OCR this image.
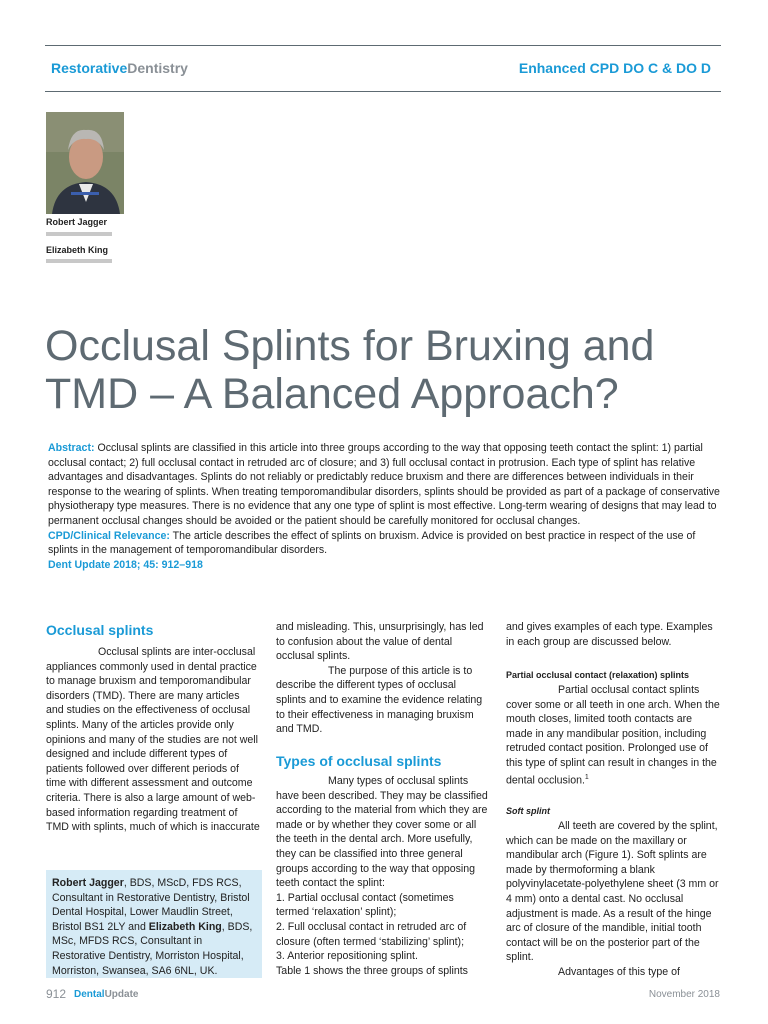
RestorativeDentistry	Enhanced CPD DO C & DO D
Robert Jagger
Elizabeth King
Occlusal Splints for Bruxing and TMD – A Balanced Approach?
Abstract: Occlusal splints are classified in this article into three groups according to the way that opposing teeth contact the splint: 1) partial occlusal contact; 2) full occlusal contact in retruded arc of closure; and 3) full occlusal contact in protrusion. Each type of splint has relative advantages and disadvantages. Splints do not reliably or predictably reduce bruxism and there are differences between individuals in their response to the wearing of splints. When treating temporomandibular disorders, splints should be provided as part of a package of conservative physiotherapy type measures. There is no evidence that any one type of splint is most effective. Long-term wearing of designs that may lead to permanent occlusal changes should be avoided or the patient should be carefully monitored for occlusal changes.
CPD/Clinical Relevance: The article describes the effect of splints on bruxism. Advice is provided on best practice in respect of the use of splints in the management of temporomandibular disorders.
Dent Update 2018; 45: 912–918
Occlusal splints

Occlusal splints are inter-occlusal appliances commonly used in dental practice to manage bruxism and temporomandibular disorders (TMD). There are many articles and studies on the effectiveness of occlusal splints. Many of the articles provide only opinions and many of the studies are not well designed and include different types of patients followed over different periods of time with different assessment and outcome criteria. There is also a large amount of web-based information regarding treatment of TMD with splints, much of which is inaccurate

Robert Jagger, BDS, MScD, FDS RCS, Consultant in Restorative Dentistry, Bristol Dental Hospital, Lower Maudlin Street, Bristol BS1 2LY and Elizabeth King, BDS, MSc, MFDS RCS, Consultant in Restorative Dentistry, Morriston Hospital, Morriston, Swansea, SA6 6NL, UK.

and misleading. This, unsurprisingly, has led to confusion about the value of dental occlusal splints.

The purpose of this article is to describe the different types of occlusal splints and to examine the evidence relating to their effectiveness in managing bruxism and TMD.

Types of occlusal splints

Many types of occlusal splints have been described. They may be classified according to the material from which they are made or by whether they cover some or all the teeth in the dental arch. More usefully, they can be classified into three general groups according to the way that opposing teeth contact the splint:

1. Partial occlusal contact (sometimes termed ‘relaxation’ splint);

2. Full occlusal contact in retruded arc of closure (often termed ‘stabilizing’ splint);

3. Anterior repositioning splint.

Table 1 shows the three groups of splints

and gives examples of each type. Examples in each group are discussed below.

Partial occlusal contact (relaxation) splints

Partial occlusal contact splints cover some or all teeth in one arch. When the mouth closes, limited tooth contacts are made in any mandibular position, including retruded contact position. Prolonged use of this type of splint can result in changes in the dental occlusion.$^1$

Soft splint

All teeth are covered by the splint, which can be made on the maxillary or mandibular arch (Figure 1). Soft splints are made by thermoforming a blank polyvinylacetate-polyethylene sheet (3 mm or 4 mm) onto a dental cast. No occlusal adjustment is made. As a result of the hinge arc of closure of the mandible, initial tooth contact will be on the posterior part of the splint.

Advantages of this type of

912 DentalUpdate	November 2018
